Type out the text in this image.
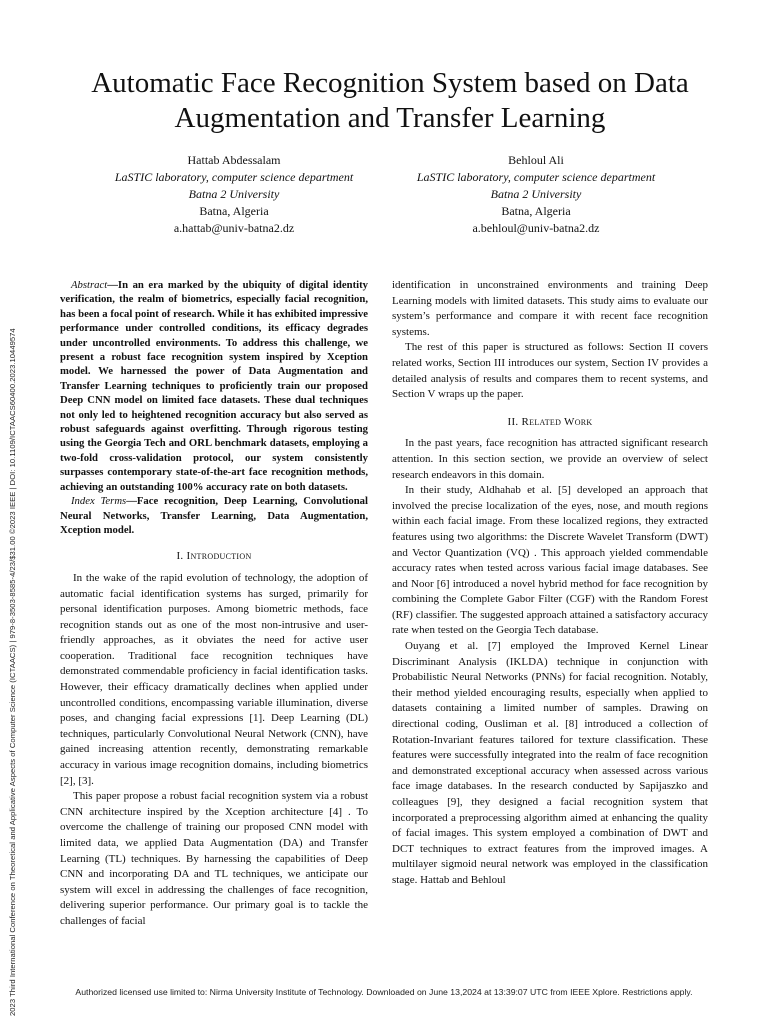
2023 Third International Conference on Theoretical and Applicative Aspects of Computer Science (ICTAACS) | 979-8-3503-8585-4/23/$31.00 ©2023 IEEE | DOI: 10.1109/ICTAACS60400.2023.10449574
Automatic Face Recognition System based on Data Augmentation and Transfer Learning
Hattab Abdessalam
LaSTIC laboratory, computer science department
Batna 2 University
Batna, Algeria
a.hattab@univ-batna2.dz
Behloul Ali
LaSTIC laboratory, computer science department
Batna 2 University
Batna, Algeria
a.behloul@univ-batna2.dz

Abstract—In an era marked by the ubiquity of digital identity verification, the realm of biometrics, especially facial recognition, has been a focal point of research. While it has exhibited impressive performance under controlled conditions, its efficacy degrades under uncontrolled environments. To address this challenge, we present a robust face recognition system inspired by Xception model. We harnessed the power of Data Augmentation and Transfer Learning techniques to proficiently train our proposed Deep CNN model on limited face datasets. These dual techniques not only led to heightened recognition accuracy but also served as robust safeguards against overfitting. Through rigorous testing using the Georgia Tech and ORL benchmark datasets, employing a two-fold cross-validation protocol, our system consistently surpasses contemporary state-of-the-art face recognition methods, achieving an outstanding 100% accuracy rate on both datasets.

Index Terms—Face recognition, Deep Learning, Convolutional Neural Networks, Transfer Learning, Data Augmentation, Xception model.

I. Introduction

In the wake of the rapid evolution of technology, the adoption of automatic facial identification systems has surged, primarily for personal identification purposes. Among biometric methods, face recognition stands out as one of the most non-intrusive and user-friendly approaches, as it obviates the need for active user cooperation. Traditional face recognition techniques have demonstrated commendable proficiency in facial identification tasks. However, their efficacy dramatically declines when applied under uncontrolled conditions, encompassing variable illumination, diverse poses, and changing facial expressions [1]. Deep Learning (DL) techniques, particularly Convolutional Neural Network (CNN), have gained increasing attention recently, demonstrating remarkable accuracy in various image recognition domains, including biometrics [2], [3].

This paper propose a robust facial recognition system via a robust CNN architecture inspired by the Xception architecture [4] . To overcome the challenge of training our proposed CNN model with limited data, we applied Data Augmentation (DA) and Transfer Learning (TL) techniques. By harnessing the capabilities of Deep CNN and incorporating DA and TL techniques, we anticipate our system will excel in addressing the challenges of face recognition, delivering superior performance. Our primary goal is to tackle the challenges of facial

identification in unconstrained environments and training Deep Learning models with limited datasets. This study aims to evaluate our system’s performance and compare it with recent face recognition systems.

The rest of this paper is structured as follows: Section II covers related works, Section III introduces our system, Section IV provides a detailed analysis of results and compares them to recent systems, and Section V wraps up the paper.

II. Related Work

In the past years, face recognition has attracted significant research attention. In this section section, we provide an overview of select research endeavors in this domain.

In their study, Aldhahab et al. [5] developed an approach that involved the precise localization of the eyes, nose, and mouth regions within each facial image. From these localized regions, they extracted features using two algorithms: the Discrete Wavelet Transform (DWT) and Vector Quantization (VQ) . This approach yielded commendable accuracy rates when tested across various facial image databases. See and Noor [6] introduced a novel hybrid method for face recognition by combining the Complete Gabor Filter (CGF) with the Random Forest (RF) classifier. The suggested approach attained a satisfactory accuracy rate when tested on the Georgia Tech database.

Ouyang et al. [7] employed the Improved Kernel Linear Discriminant Analysis (IKLDA) technique in conjunction with Probabilistic Neural Networks (PNNs) for facial recognition. Notably, their method yielded encouraging results, especially when applied to datasets containing a limited number of samples. Drawing on directional coding, Ousliman et al. [8] introduced a collection of Rotation-Invariant features tailored for texture classification. These features were successfully integrated into the realm of face recognition and demonstrated exceptional accuracy when assessed across various face image databases. In the research conducted by Sapijaszko and colleagues [9], they designed a facial recognition system that incorporated a preprocessing algorithm aimed at enhancing the quality of facial images. This system employed a combination of DWT and DCT techniques to extract features from the improved images. A multilayer sigmoid neural network was employed in the classification stage. Hattab and Behloul

Authorized licensed use limited to: Nirma University Institute of Technology. Downloaded on June 13,2024 at 13:39:07 UTC from IEEE Xplore. Restrictions apply.
